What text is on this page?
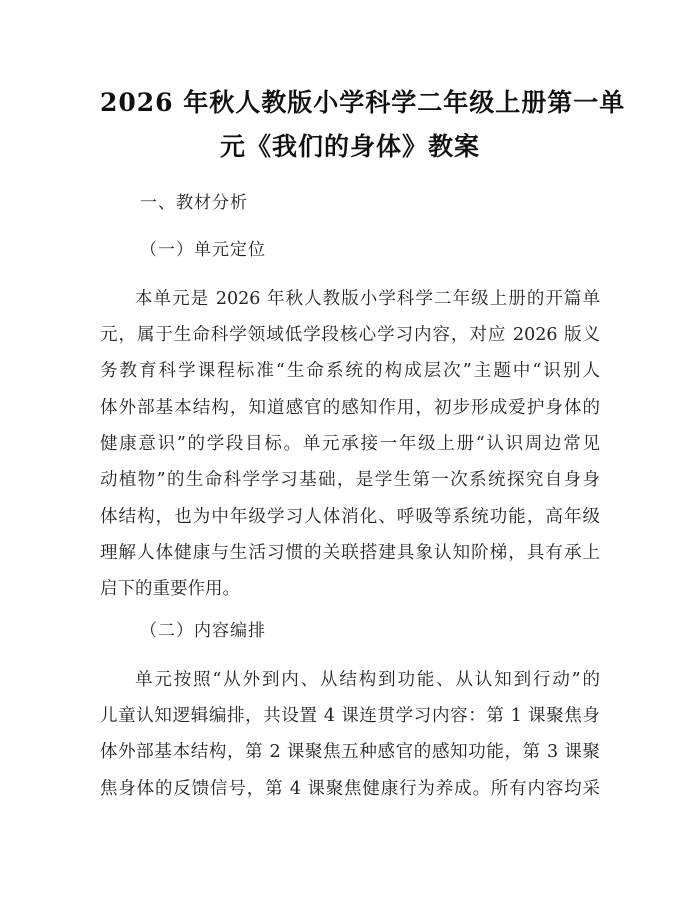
2026 年秋人教版小学科学二年级上册第一单
元《我们的身体》教案
一、教材分析
（一）单元定位
本单元是 2026 年秋人教版小学科学二年级上册的开篇单
元，属于生命科学领域低学段核心学习内容，对应 2026 版义
务教育科学课程标准“生命系统的构成层次”主题中“识别人
体外部基本结构，知道感官的感知作用，初步形成爱护身体的
健康意识”的学段目标。单元承接一年级上册“认识周边常见
动植物”的生命科学学习基础，是学生第一次系统探究自身身
体结构，也为中年级学习人体消化、呼吸等系统功能，高年级
理解人体健康与生活习惯的关联搭建具象认知阶梯，具有承上
启下的重要作用。
（二）内容编排
单元按照“从外到内、从结构到功能、从认知到行动”的
儿童认知逻辑编排，共设置 4 课连贯学习内容：第 1 课聚焦身
体外部基本结构，第 2 课聚焦五种感官的感知功能，第 3 课聚
焦身体的反馈信号，第 4 课聚焦健康行为养成。所有内容均采
